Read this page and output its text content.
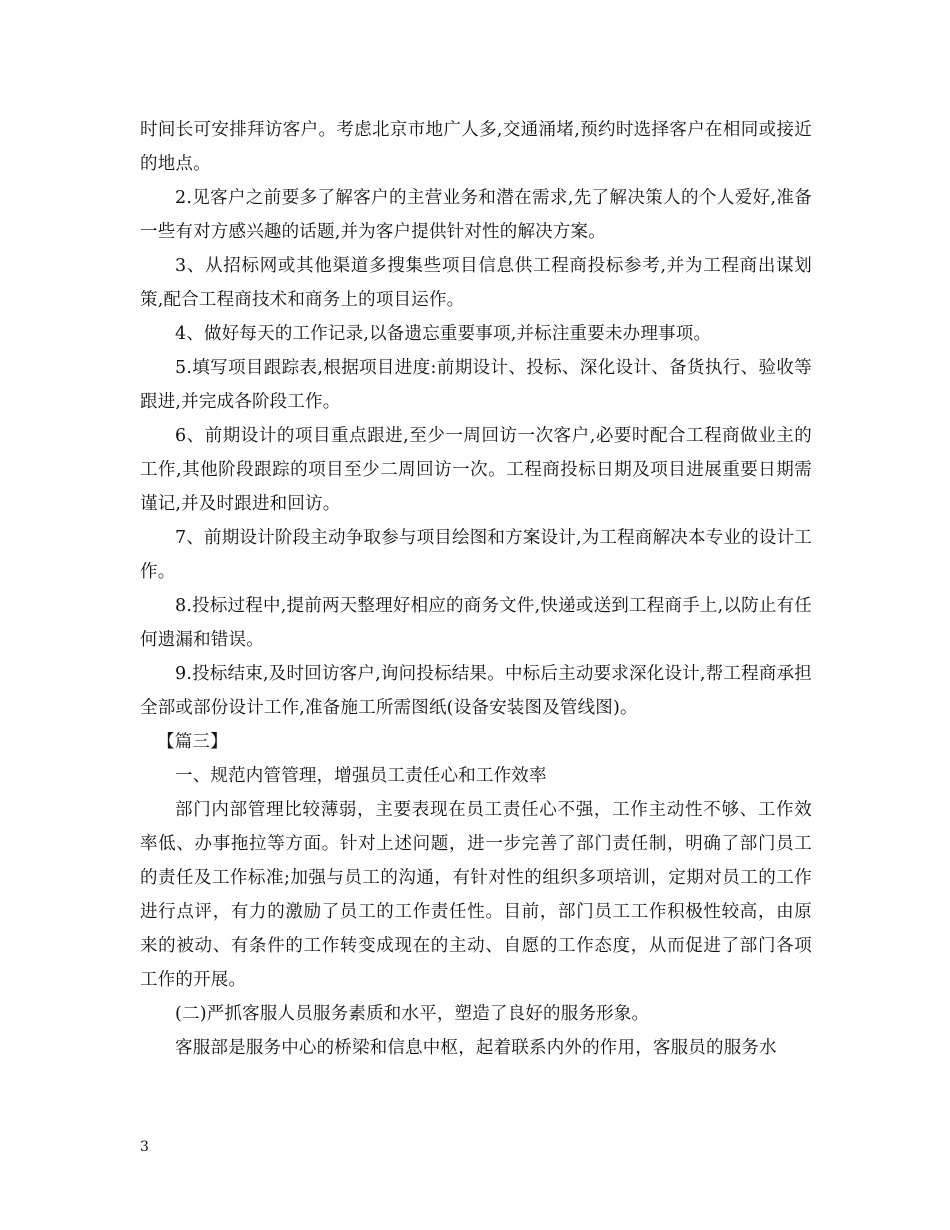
时间长可安排拜访客户。考虑北京市地广人多,交通涌堵,预约时选择客户在相同或接近的地点。

2.见客户之前要多了解客户的主营业务和潜在需求,先了解决策人的个人爱好,准备一些有对方感兴趣的话题,并为客户提供针对性的解决方案。

3、从招标网或其他渠道多搜集些项目信息供工程商投标参考,并为工程商出谋划策,配合工程商技术和商务上的项目运作。

4、做好每天的工作记录,以备遗忘重要事项,并标注重要未办理事项。

5.填写项目跟踪表,根据项目进度:前期设计、投标、深化设计、备货执行、验收等跟进,并完成各阶段工作。

6、前期设计的项目重点跟进,至少一周回访一次客户,必要时配合工程商做业主的工作,其他阶段跟踪的项目至少二周回访一次。工程商投标日期及项目进展重要日期需谨记,并及时跟进和回访。

7、前期设计阶段主动争取参与项目绘图和方案设计,为工程商解决本专业的设计工作。

8.投标过程中,提前两天整理好相应的商务文件,快递或送到工程商手上,以防止有任何遗漏和错误。

9.投标结束,及时回访客户,询问投标结果。中标后主动要求深化设计,帮工程商承担全部或部份设计工作,准备施工所需图纸(设备安装图及管线图)。

【篇三】

一、规范内管管理，增强员工责任心和工作效率

部门内部管理比较薄弱，主要表现在员工责任心不强，工作主动性不够、工作效率低、办事拖拉等方面。针对上述问题，进一步完善了部门责任制，明确了部门员工的责任及工作标准;加强与员工的沟通，有针对性的组织多项培训，定期对员工的工作进行点评，有力的激励了员工的工作责任性。目前，部门员工工作积极性较高，由原来的被动、有条件的工作转变成现在的主动、自愿的工作态度，从而促进了部门各项工作的开展。

(二)严抓客服人员服务素质和水平，塑造了良好的服务形象。

客服部是服务中心的桥梁和信息中枢，起着联系内外的作用，客服员的服务水

3
